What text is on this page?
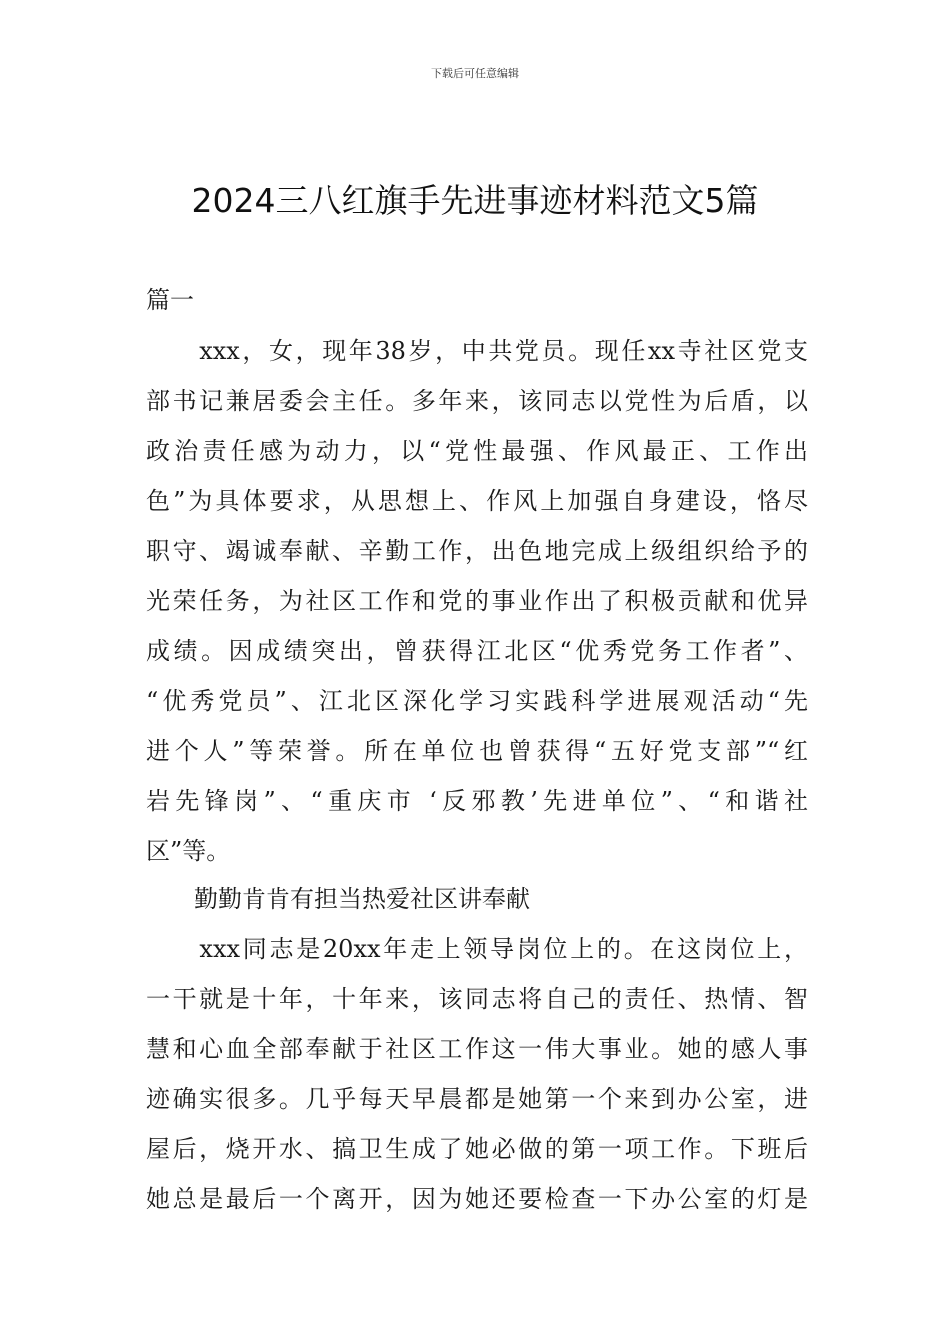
下载后可任意编辑
2024三八红旗手先进事迹材料范文5篇
篇一

　　xxx，女，现年38岁，中共党员。现任xx寺社区党支
部书记兼居委会主任。多年来，该同志以党性为后盾，以
政治责任感为动力，以“党性最强、作风最正、工作出
色”为具体要求，从思想上、作风上加强自身建设，恪尽
职守、竭诚奉献、辛勤工作，出色地完成上级组织给予的
光荣任务，为社区工作和党的事业作出了积极贡献和优异
成绩。因成绩突出，曾获得江北区“优秀党务工作者”、
“优秀党员”、江北区深化学习实践科学进展观活动“先
进个人”等荣誉。所在单位也曾获得“五好党支部”“红
岩先锋岗”、“重庆市 ‘反邪教’先进单位”、“和谐社
区”等。

　　勤勤肯肯有担当热爱社区讲奉献

　　xxx同志是20xx年走上领导岗位上的。在这岗位上，
一干就是十年，十年来，该同志将自己的责任、热情、智
慧和心血全部奉献于社区工作这一伟大事业。她的感人事
迹确实很多。几乎每天早晨都是她第一个来到办公室，进
屋后，烧开水、搞卫生成了她必做的第一项工作。下班后
她总是最后一个离开，因为她还要检查一下办公室的灯是
